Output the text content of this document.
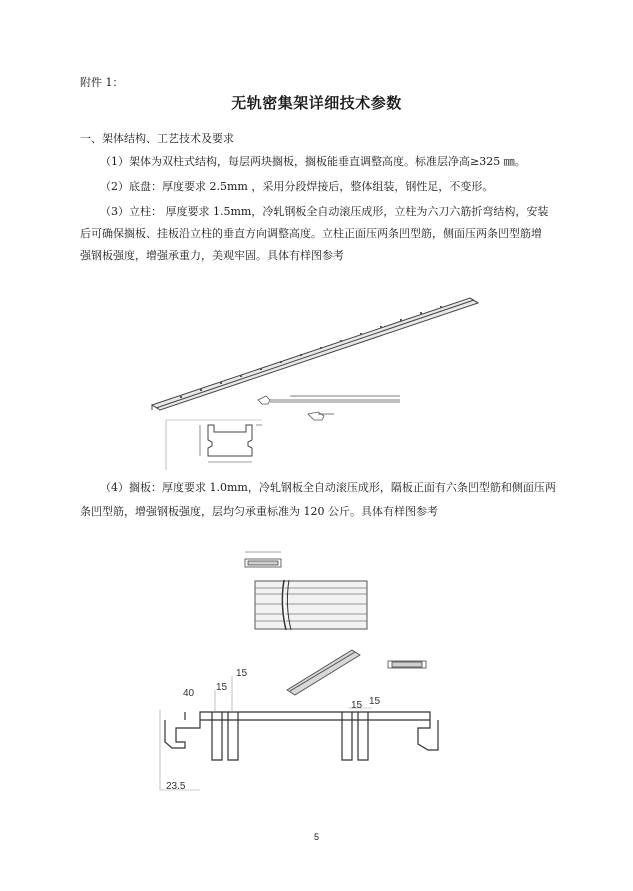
附件 1：
无轨密集架详细技术参数
一、架体结构、工艺技术及要求
（1）架体为双柱式结构，每层两块搁板，搁板能垂直调整高度。标准层净高≥325 ㎜。
（2）底盘：厚度要求 2.5mm ，采用分段焊接后，整体组装，钢性足，不变形。
（3）立柱： 厚度要求 1.5mm，冷轧钢板全自动滚压成形，立柱为六刀六筋折弯结构，安装
后可确保搁板、挂板沿立柱的垂直方向调整高度。立柱正面压两条凹型筋，侧面压两条凹型筋增
强钢板强度，增强承重力，美观牢固。具体有样图参考
（4）搁板：厚度要求 1.0mm，冷轧钢板全自动滚压成形，隔板正面有六条凹型筋和侧面压两
条凹型筋，增强钢板强度，层均匀承重标准为 120 公斤。具体有样图参考
40
15
15
15 15
23.5
5
